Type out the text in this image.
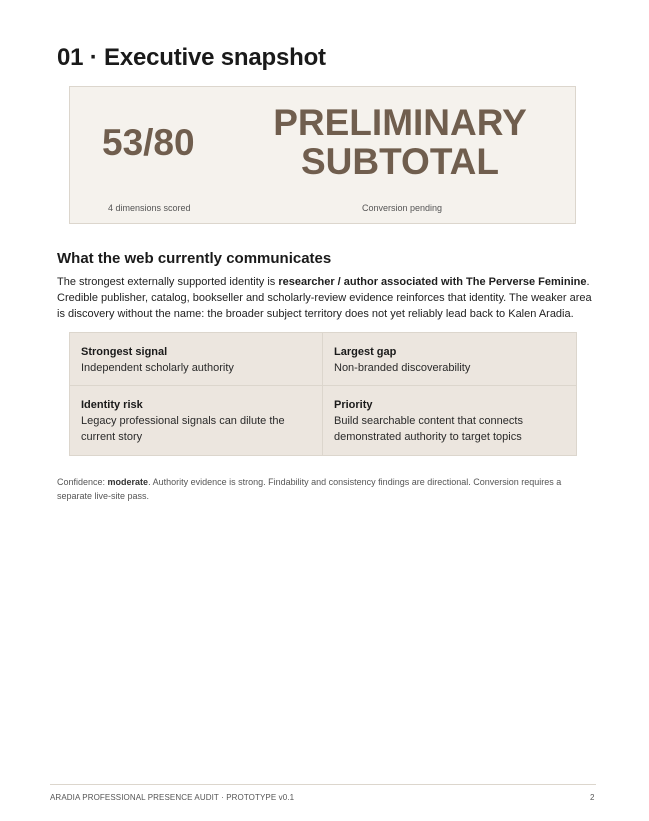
01 · Executive snapshot
53/80 PRELIMINARY
SUBTOTAL
4 dimensions scored	Conversion pending
What the web currently communicates

The strongest externally supported identity is researcher / author associated with The Perverse Feminine. Credible publisher, catalog, bookseller and scholarly-review evidence reinforces that identity. The weaker area is discovery without the name: the broader subject territory does not yet reliably lead back to Kalen Aradia.

Strongest signal
Independent scholarly authority
Largest gap
Non-branded discoverability
Identity risk
Legacy professional signals can dilute the current story
Priority
Build searchable content that connects demonstrated authority to target topics

Confidence: moderate. Authority evidence is strong. Findability and consistency findings are directional. Conversion requires a separate live-site pass.

ARADIA PROFESSIONAL PRESENCE AUDIT · PROTOTYPE v0.1	2
